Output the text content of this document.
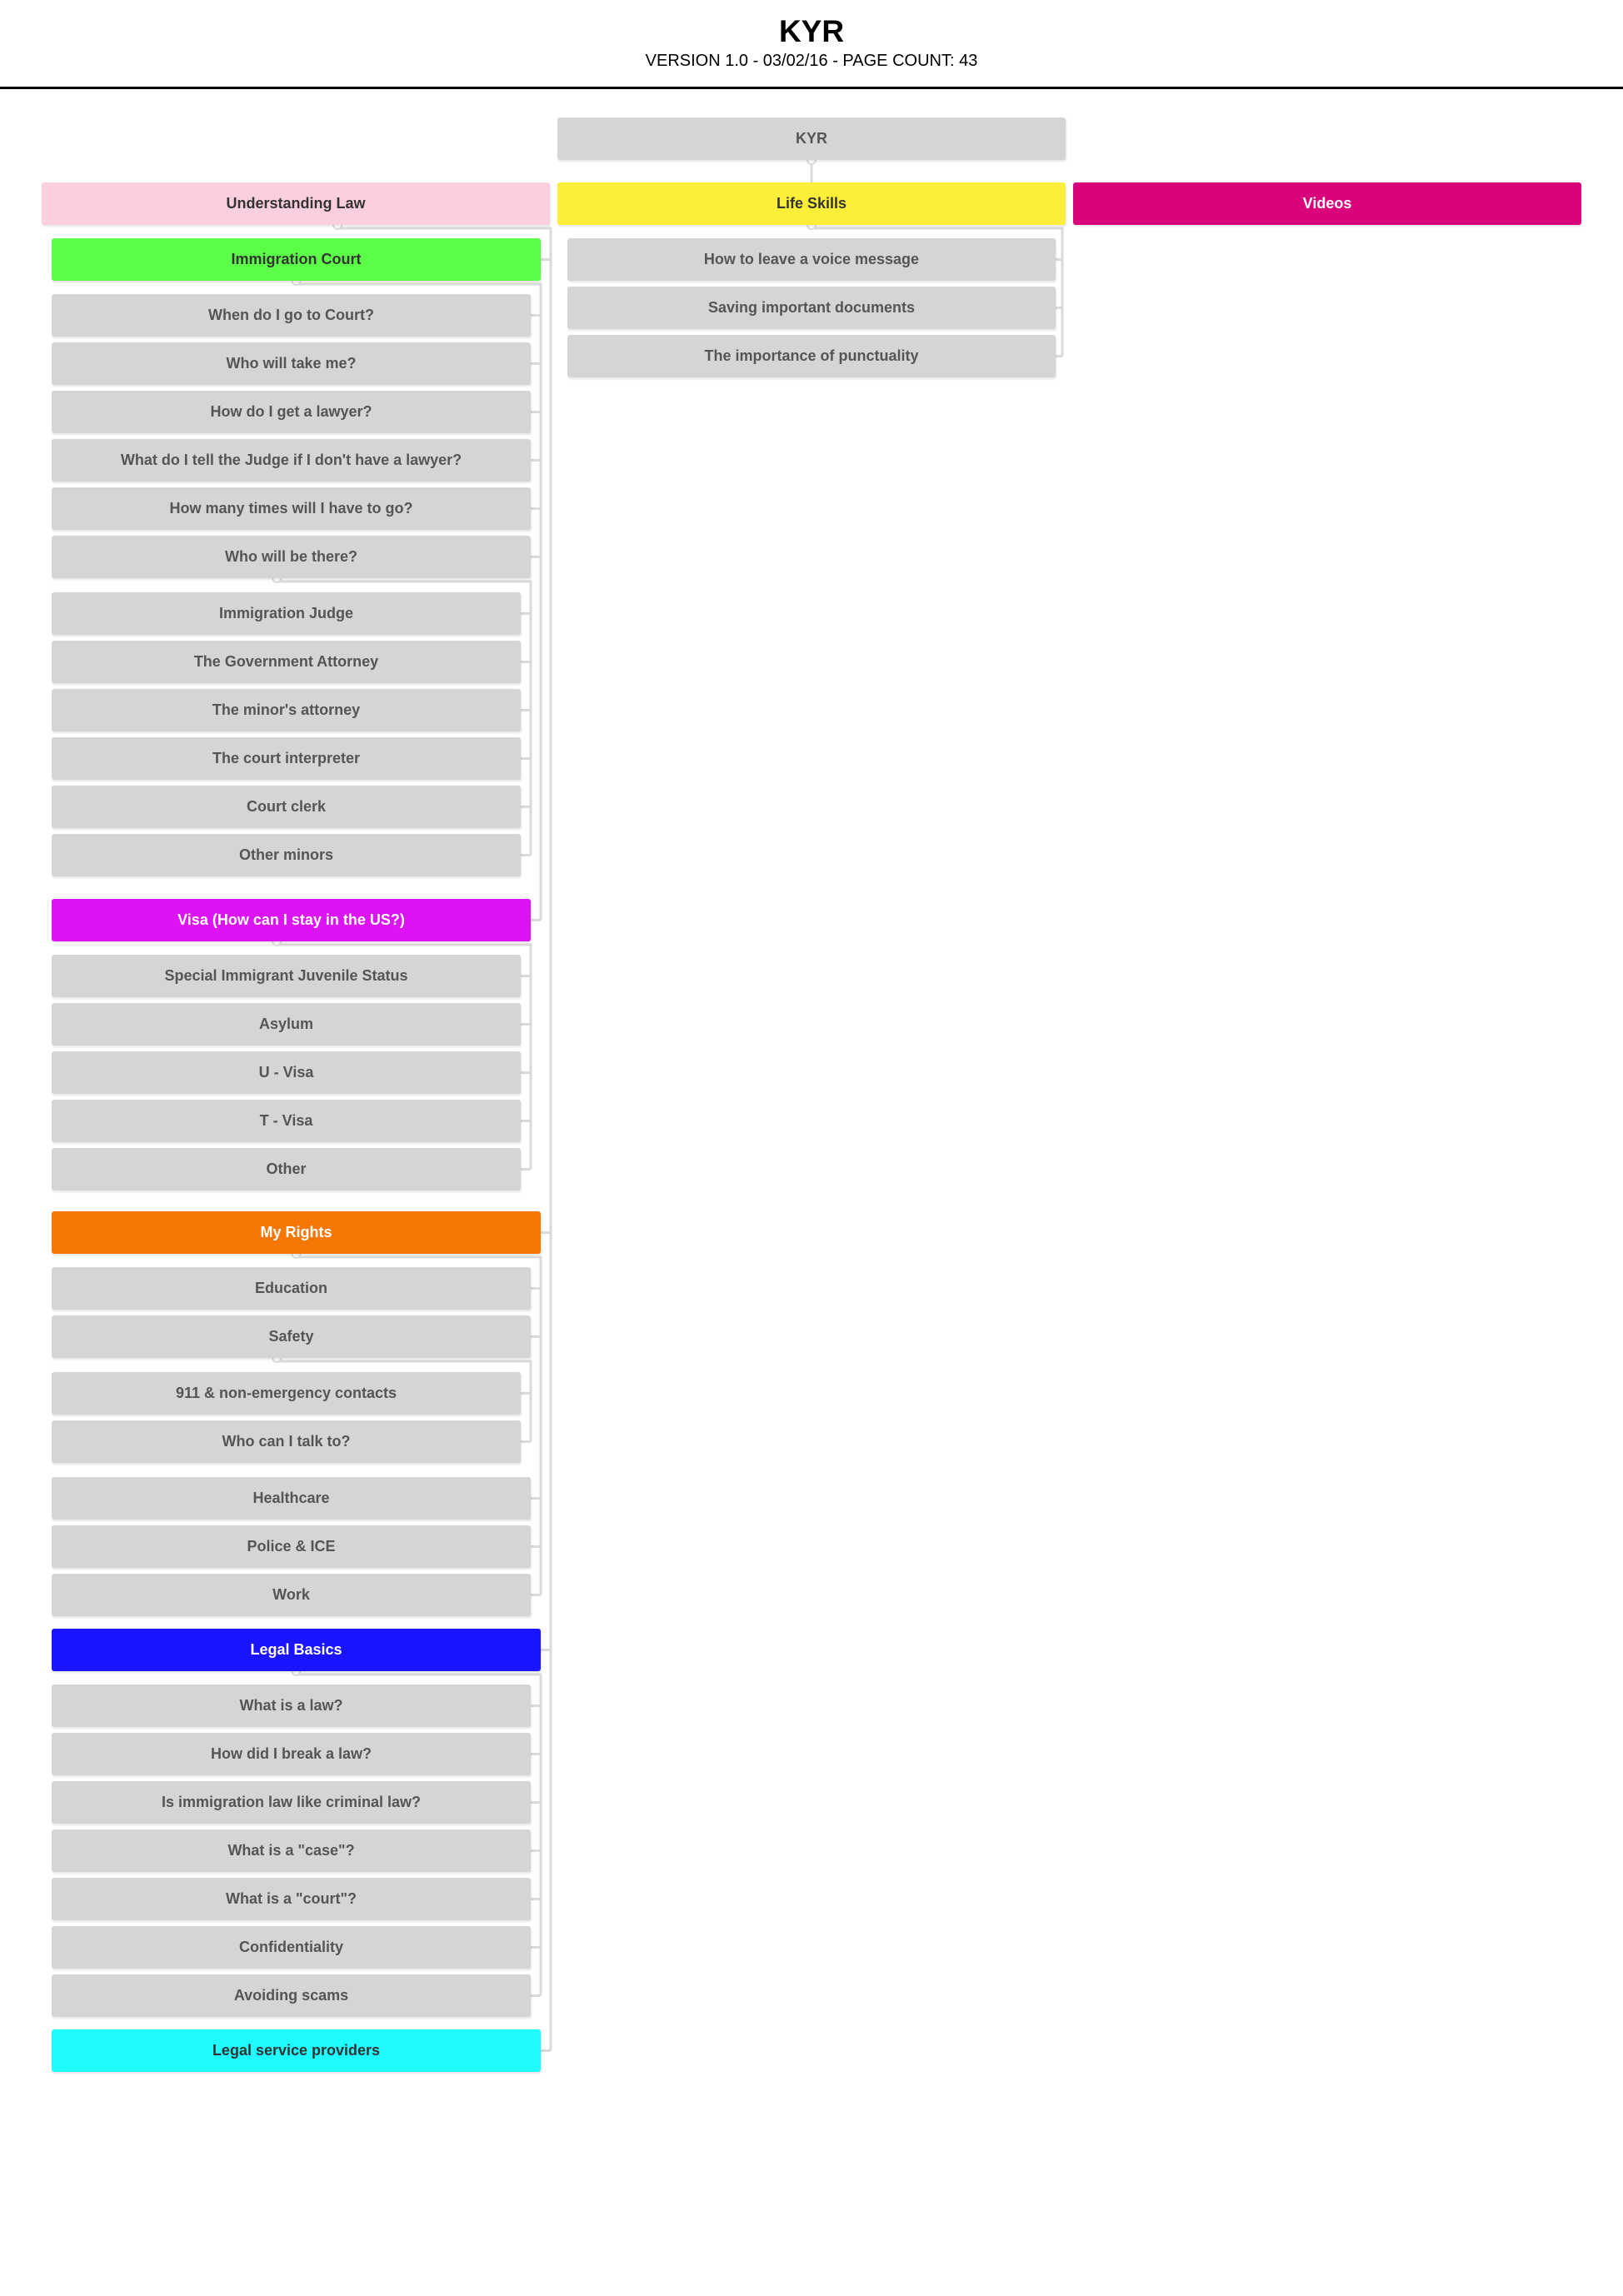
KYR
VERSION 1.0 - 03/02/16 - PAGE COUNT: 43
KYR
Understanding Law	Life Skills	Videos
How to leave a voice message
Saving important documents
The importance of punctuality
Immigration Court
When do I go to Court?
Who will take me?
How do I get a lawyer?
What do I tell the Judge if I don't have a lawyer?
How many times will I have to go?
Who will be there?
Immigration Judge
The Government Attorney
The minor's attorney
The court interpreter
Court clerk
Other minors
Visa (How can I stay in the US?)
Special Immigrant Juvenile Status
Asylum
U - Visa
T - Visa
Other
My Rights
Education
Safety
911 & non-emergency contacts
Who can I talk to?
Healthcare
Police & ICE
Work
Legal Basics
What is a law?
How did I break a law?
Is immigration law like criminal law?
What is a "case"?
What is a "court"?
Confidentiality
Avoiding scams
Legal service providers
